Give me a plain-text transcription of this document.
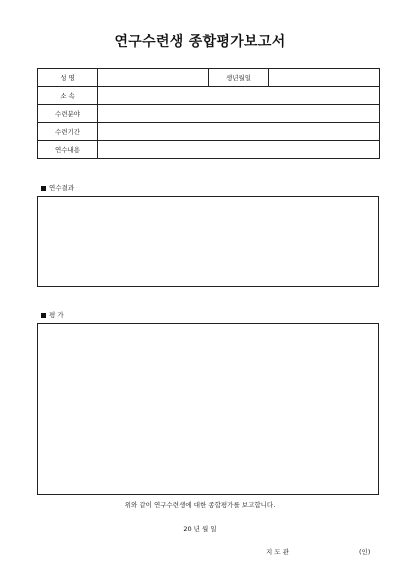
연구수련생 종합평가보고서
성 명		생년월일	
소 속			
수련분야			
수련기간			
연수내용			
연수결과
평 가
위와 같이 연구수련생에 대한 종합평가를 보고합니다.
20 년 월 일
지 도 관	(인)
